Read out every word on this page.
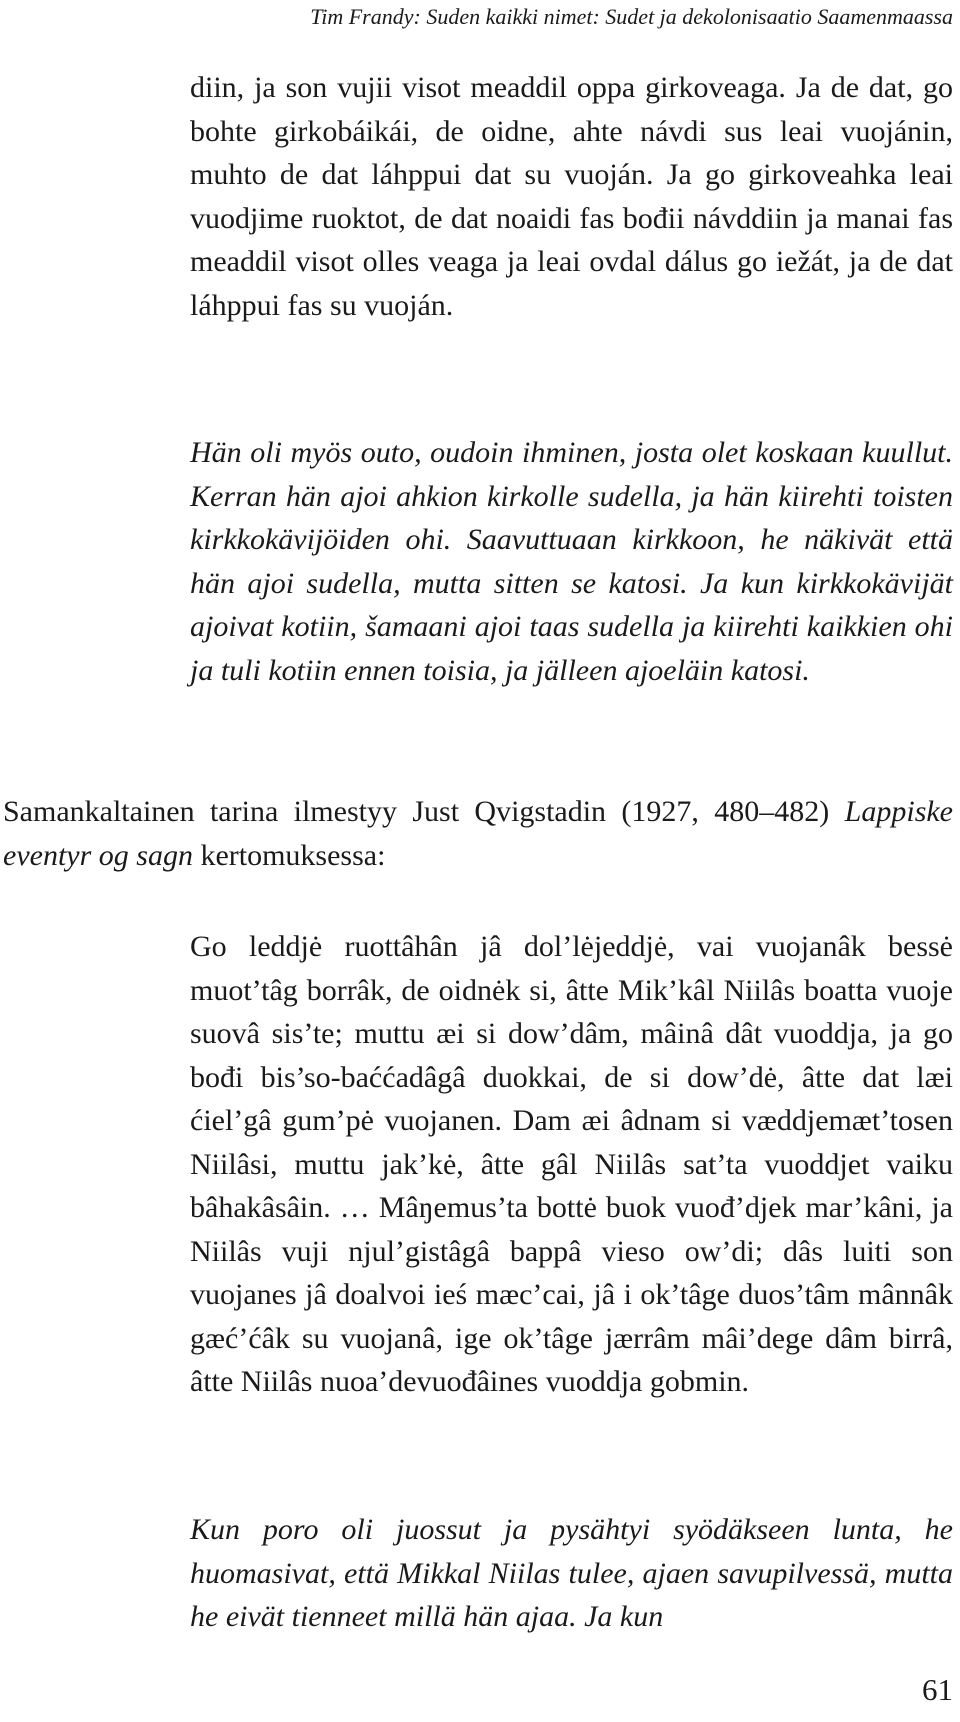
Tim Frandy: Suden kaikki nimet: Sudet ja dekolonisaatio Saamenmaassa

diin, ja son vujii visot meaddil oppa girkoveaga. Ja de dat, go bohte girkobáikái, de oidne, ahte návdi sus leai vuojánin, muhto de dat láhppui dat su vuoján. Ja go girkoveahka leai vuodjime ruoktot, de dat noaidi fas bođii návddiin ja manai fas meaddil visot olles veaga ja leai ovdal dálus go iežát, ja de dat láhppui fas su vuoján.

Hän oli myös outo, oudoin ihminen, josta olet koskaan kuullut. Kerran hän ajoi ahkion kirkolle sudella, ja hän kiirehti toisten kirkkokävijöiden ohi. Saavuttuaan kirkkoon, he näkivät että hän ajoi sudella, mutta sitten se katosi. Ja kun kirkkokävijät ajoivat kotiin, šamaani ajoi taas sudella ja kiirehti kaikkien ohi ja tuli kotiin ennen toisia, ja jälleen ajoeläin katosi.

Samankaltainen tarina ilmestyy Just Qvigstadin (1927, 480–482) Lappiske eventyr og sagn kertomuksessa:

Go leddjė ruottâhân jâ dol’lėjeddjė, vai vuojanâk bessė muot’tâg borrâk, de oidnėk si, âtte Mik’kâl Niilâs boatta vuoje suovâ sis’te; muttu æi si dow’dâm, mâinâ dât vuoddja, ja go bođi bis’so-baććadâgâ duokkai, de si dow’dė, âtte dat læi ćiel’gâ gum’pė vuojanen. Dam æi âdnam si væddjemæt’tosen Niilâsi, muttu jak’kė, âtte gâl Niilâs sat’ta vuoddjet vaiku bâhakâsâin. … Mâŋemus’ta bottė buok vuođ’djek mar’kâni, ja Niilâs vuji njul’gistâgâ bappâ vieso ow’di; dâs luiti son vuojanes jâ doalvoi ieś mæc’cai, jâ i ok’tâge duos’tâm mânnâk gæć’ćâk su vuojanâ, ige ok’tâge jærrâm mâi’dege dâm birrâ, âtte Niilâs nuoa’devuođâines vuoddja gobmin.

Kun poro oli juossut ja pysähtyi syödäkseen lunta, he huomasivat, että Mikkal Niilas tulee, ajaen savupilvessä, mutta he eivät tienneet millä hän ajaa. Ja kun

61
